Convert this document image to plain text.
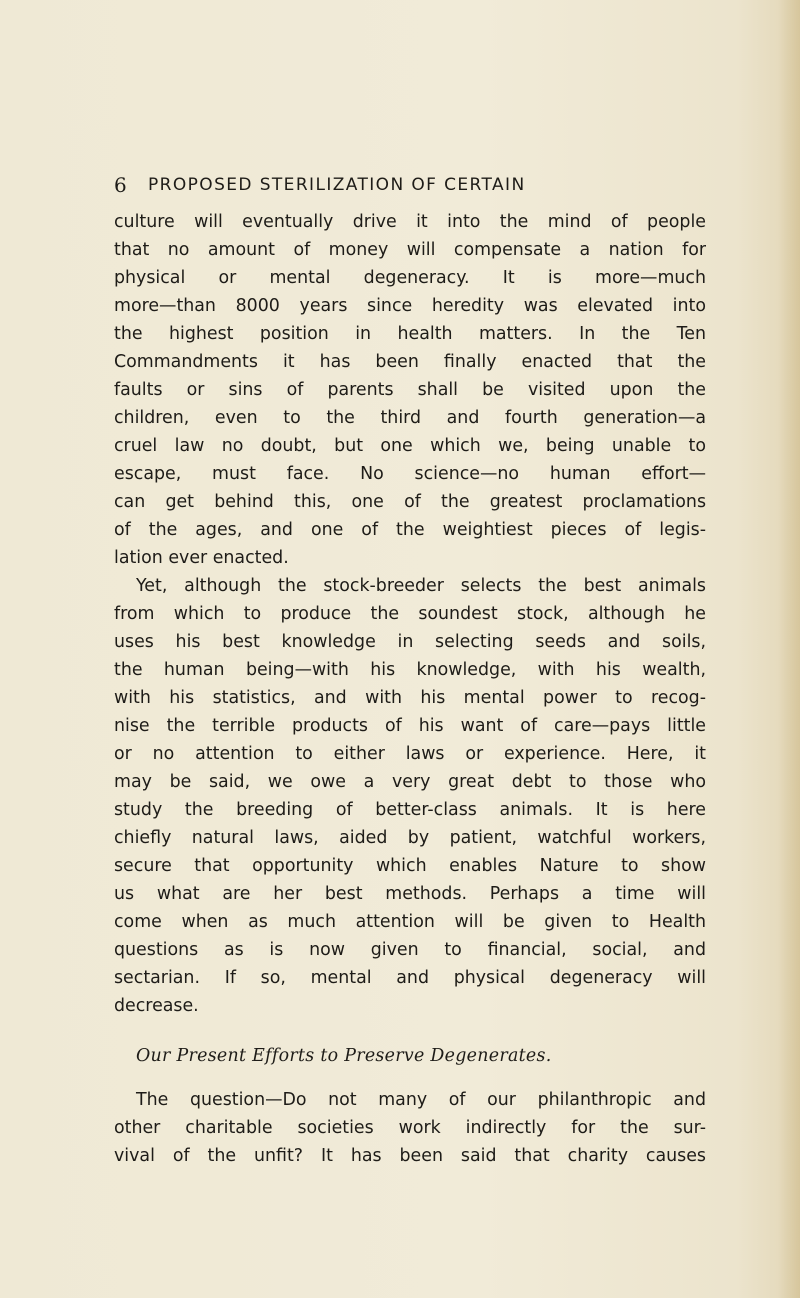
6 PROPOSED STERILIZATION OF CERTAIN
culture will eventually drive it into the mind of people
that no amount of money will compensate a nation for
physical or mental degeneracy. It is more—much
more—than 8000 years since heredity was elevated into
the highest position in health matters. In the Ten
Commandments it has been finally enacted that the
faults or sins of parents shall be visited upon the
children, even to the third and fourth generation—a
cruel law no doubt, but one which we, being unable to
escape, must face. No science—no human effort—
can get behind this, one of the greatest proclamations
of the ages, and one of the weightiest pieces of legis-
lation ever enacted.
Yet, although the stock-breeder selects the best animals
from which to produce the soundest stock, although he
uses his best knowledge in selecting seeds and soils,
the human being—with his knowledge, with his wealth,
with his statistics, and with his mental power to recog-
nise the terrible products of his want of care—pays little
or no attention to either laws or experience. Here, it
may be said, we owe a very great debt to those who
study the breeding of better-class animals. It is here
chiefly natural laws, aided by patient, watchful workers,
secure that opportunity which enables Nature to show
us what are her best methods. Perhaps a time will
come when as much attention will be given to Health
questions as is now given to financial, social, and
sectarian. If so, mental and physical degeneracy will
decrease.
Our Present Efforts to Preserve Degenerates.
The question—Do not many of our philanthropic and
other charitable societies work indirectly for the sur-
vival of the unfit? It has been said that charity causes
